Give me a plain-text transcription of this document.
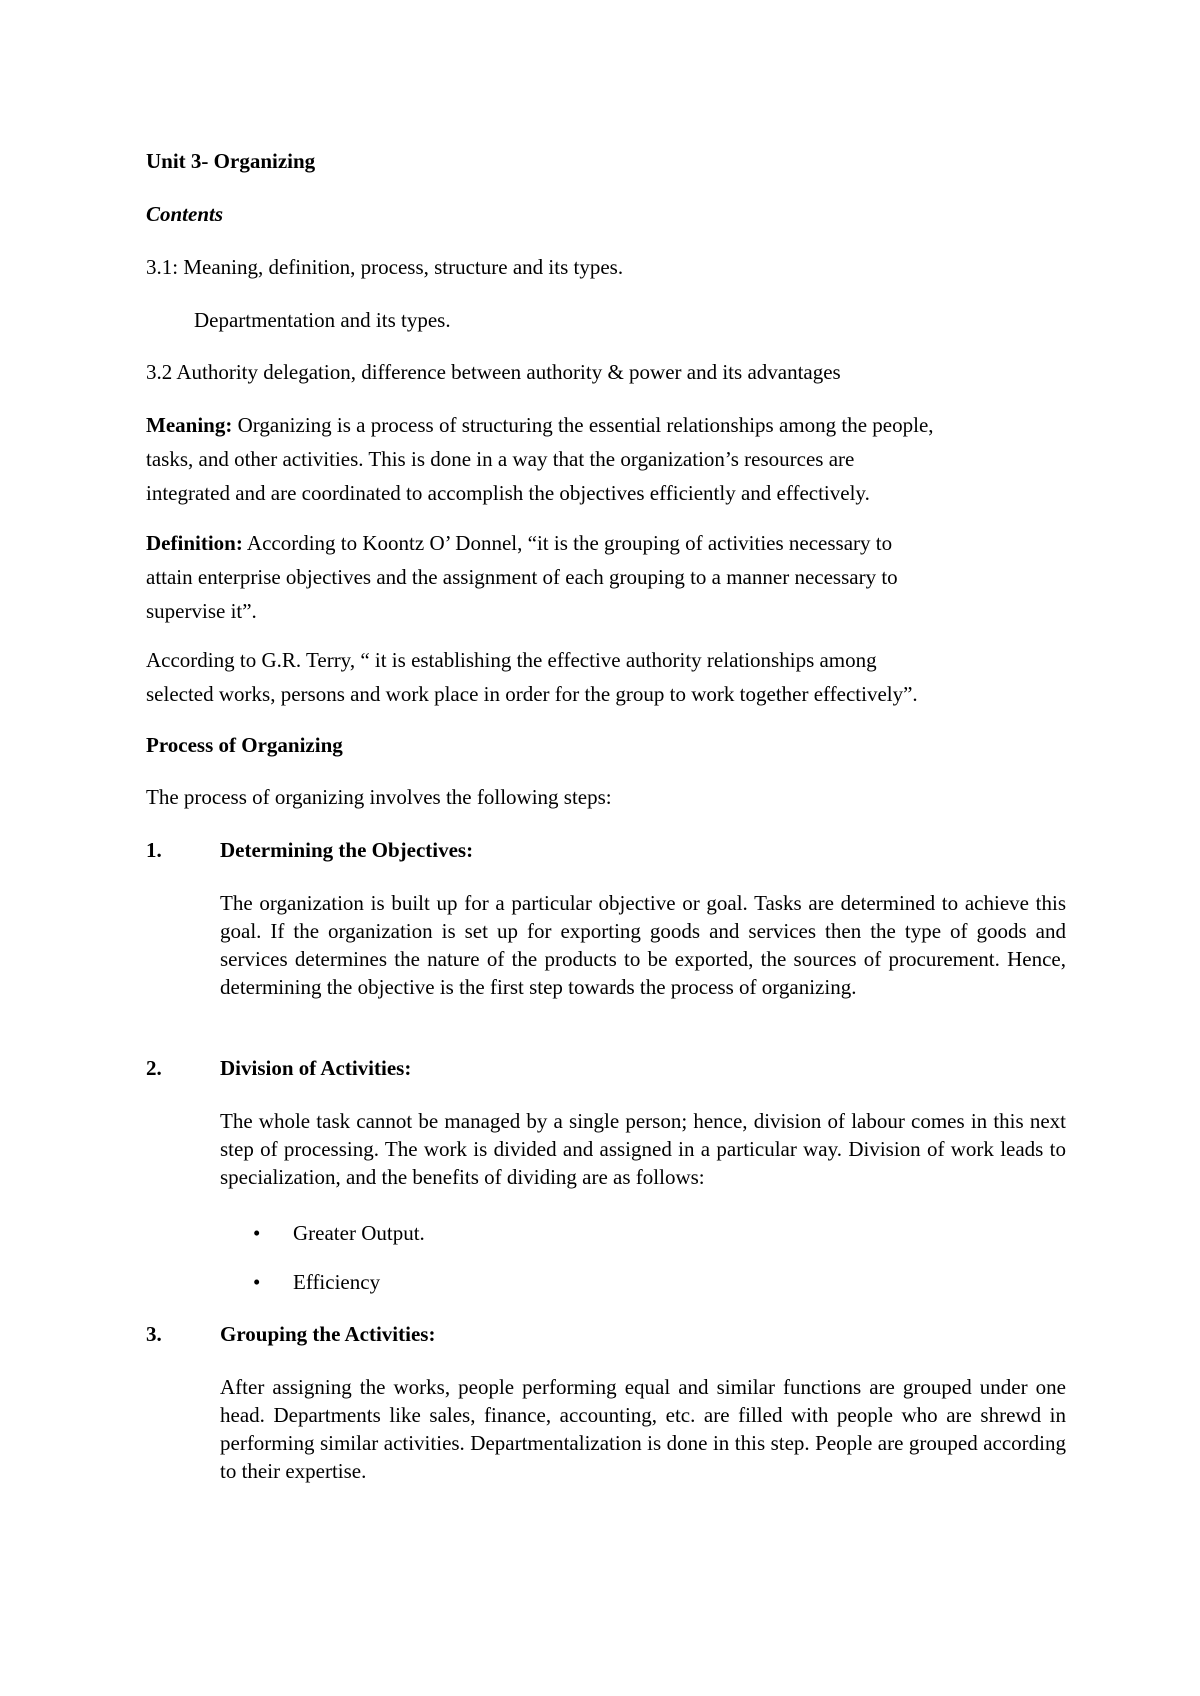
Unit 3- Organizing
Contents
3.1: Meaning, definition, process, structure and its types.
Departmentation and its types.
3.2 Authority delegation, difference between authority & power and its advantages
Meaning: Organizing is a process of structuring the essential relationships among the people,
tasks, and other activities. This is done in a way that the organization’s resources are
integrated and are coordinated to accomplish the objectives efficiently and effectively.
Definition: According to Koontz O’ Donnel, “it is the grouping of activities necessary to
attain enterprise objectives and the assignment of each grouping to a manner necessary to
supervise it”.
According to G.R. Terry, “ it is establishing the effective authority relationships among
selected works, persons and work place in order for the group to work together effectively”.
Process of Organizing
The process of organizing involves the following steps:
1.	Determining the Objectives:
The organization is built up for a particular objective or goal. Tasks are determined to achieve this goal. If the organization is set up for exporting goods and services then the type of goods and services determines the nature of the products to be exported, the sources of procurement. Hence, determining the objective is the first step towards the process of organizing.
2.	Division of Activities:
The whole task cannot be managed by a single person; hence, division of labour comes in this next step of processing. The work is divided and assigned in a particular way. Division of work leads to specialization, and the benefits of dividing are as follows:
• Greater Output.
• Efficiency
3.	Grouping the Activities:
After assigning the works, people performing equal and similar functions are grouped under one head. Departments like sales, finance, accounting, etc. are filled with people who are shrewd in performing similar activities. Departmentalization is done in this step. People are grouped according to their expertise.
